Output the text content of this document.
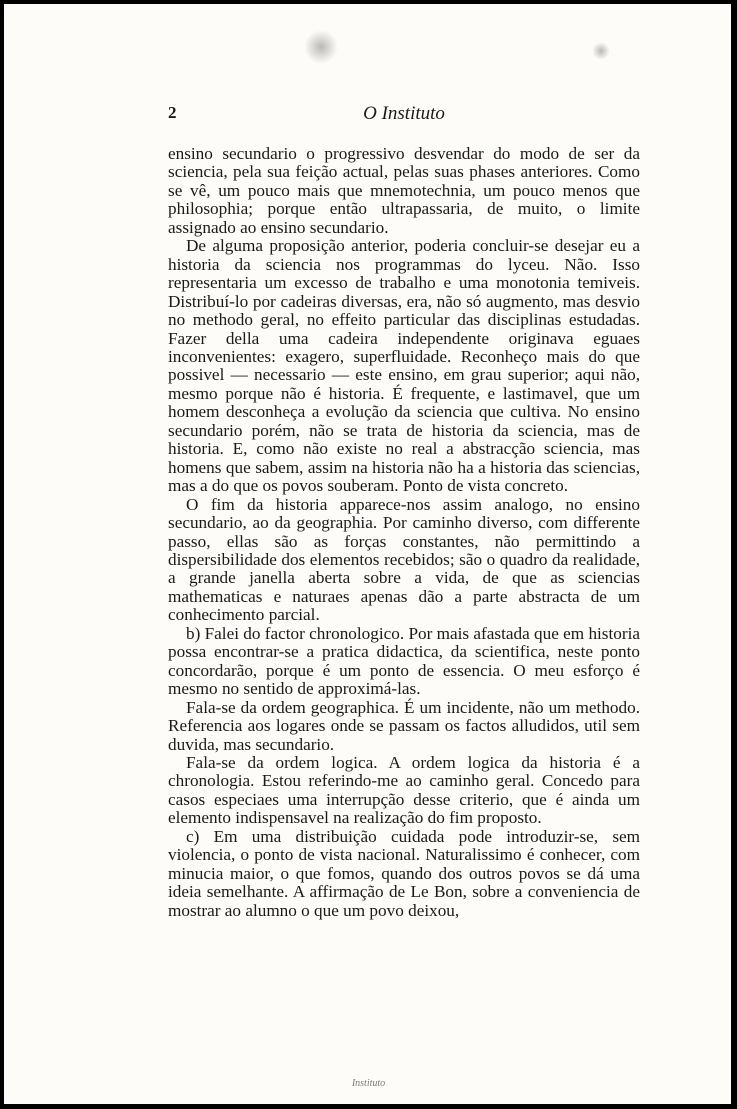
2	O Instituto

ensino secundario o progressivo desvendar do modo de ser da sciencia, pela sua feição actual, pelas suas phases anteriores. Como se vê, um pouco mais que mnemotechnia, um pouco menos que philosophia; porque então ultrapassaria, de muito, o limite assignado ao ensino secundario.

De alguma proposição anterior, poderia concluir-se desejar eu a historia da sciencia nos programmas do lyceu. Não. Isso representaria um excesso de trabalho e uma monotonia temiveis. Distribuí-lo por cadeiras diversas, era, não só augmento, mas desvio no methodo geral, no effeito particular das disciplinas estudadas. Fazer della uma cadeira independente originava eguaes inconvenientes: exagero, superfluidade. Reconheço mais do que possivel — necessario — este ensino, em grau superior; aqui não, mesmo porque não é historia. É frequente, e lastimavel, que um homem desconheça a evolução da sciencia que cultiva. No ensino secundario porém, não se trata de historia da sciencia, mas de historia. E, como não existe no real a abstracção sciencia, mas homens que sabem, assim na historia não ha a historia das sciencias, mas a do que os povos souberam. Ponto de vista concreto.

O fim da historia apparece-nos assim analogo, no ensino secundario, ao da geographia. Por caminho diverso, com differente passo, ellas são as forças constantes, não permittindo a dispersibilidade dos elementos recebidos; são o quadro da realidade, a grande janella aberta sobre a vida, de que as sciencias mathematicas e naturaes apenas dão a parte abstracta de um conhecimento parcial.

b) Falei do factor chronologico. Por mais afastada que em historia possa encontrar-se a pratica didactica, da scientifica, neste ponto concordarão, porque é um ponto de essencia. O meu esforço é mesmo no sentido de approximá-las.

Fala-se da ordem geographica. É um incidente, não um methodo. Referencia aos logares onde se passam os factos alludidos, util sem duvida, mas secundario.

Fala-se da ordem logica. A ordem logica da historia é a chronologia. Estou referindo-me ao caminho geral. Concedo para casos especiaes uma interrupção desse criterio, que é ainda um elemento indispensavel na realização do fim proposto.

c) Em uma distribuição cuidada pode introduzir-se, sem violencia, o ponto de vista nacional. Naturalissimo é conhecer, com minucia maior, o que fomos, quando dos outros povos se dá uma ideia semelhante. A affirmação de Le Bon, sobre a conveniencia de mostrar ao alumno o que um povo deixou,

Instituto
